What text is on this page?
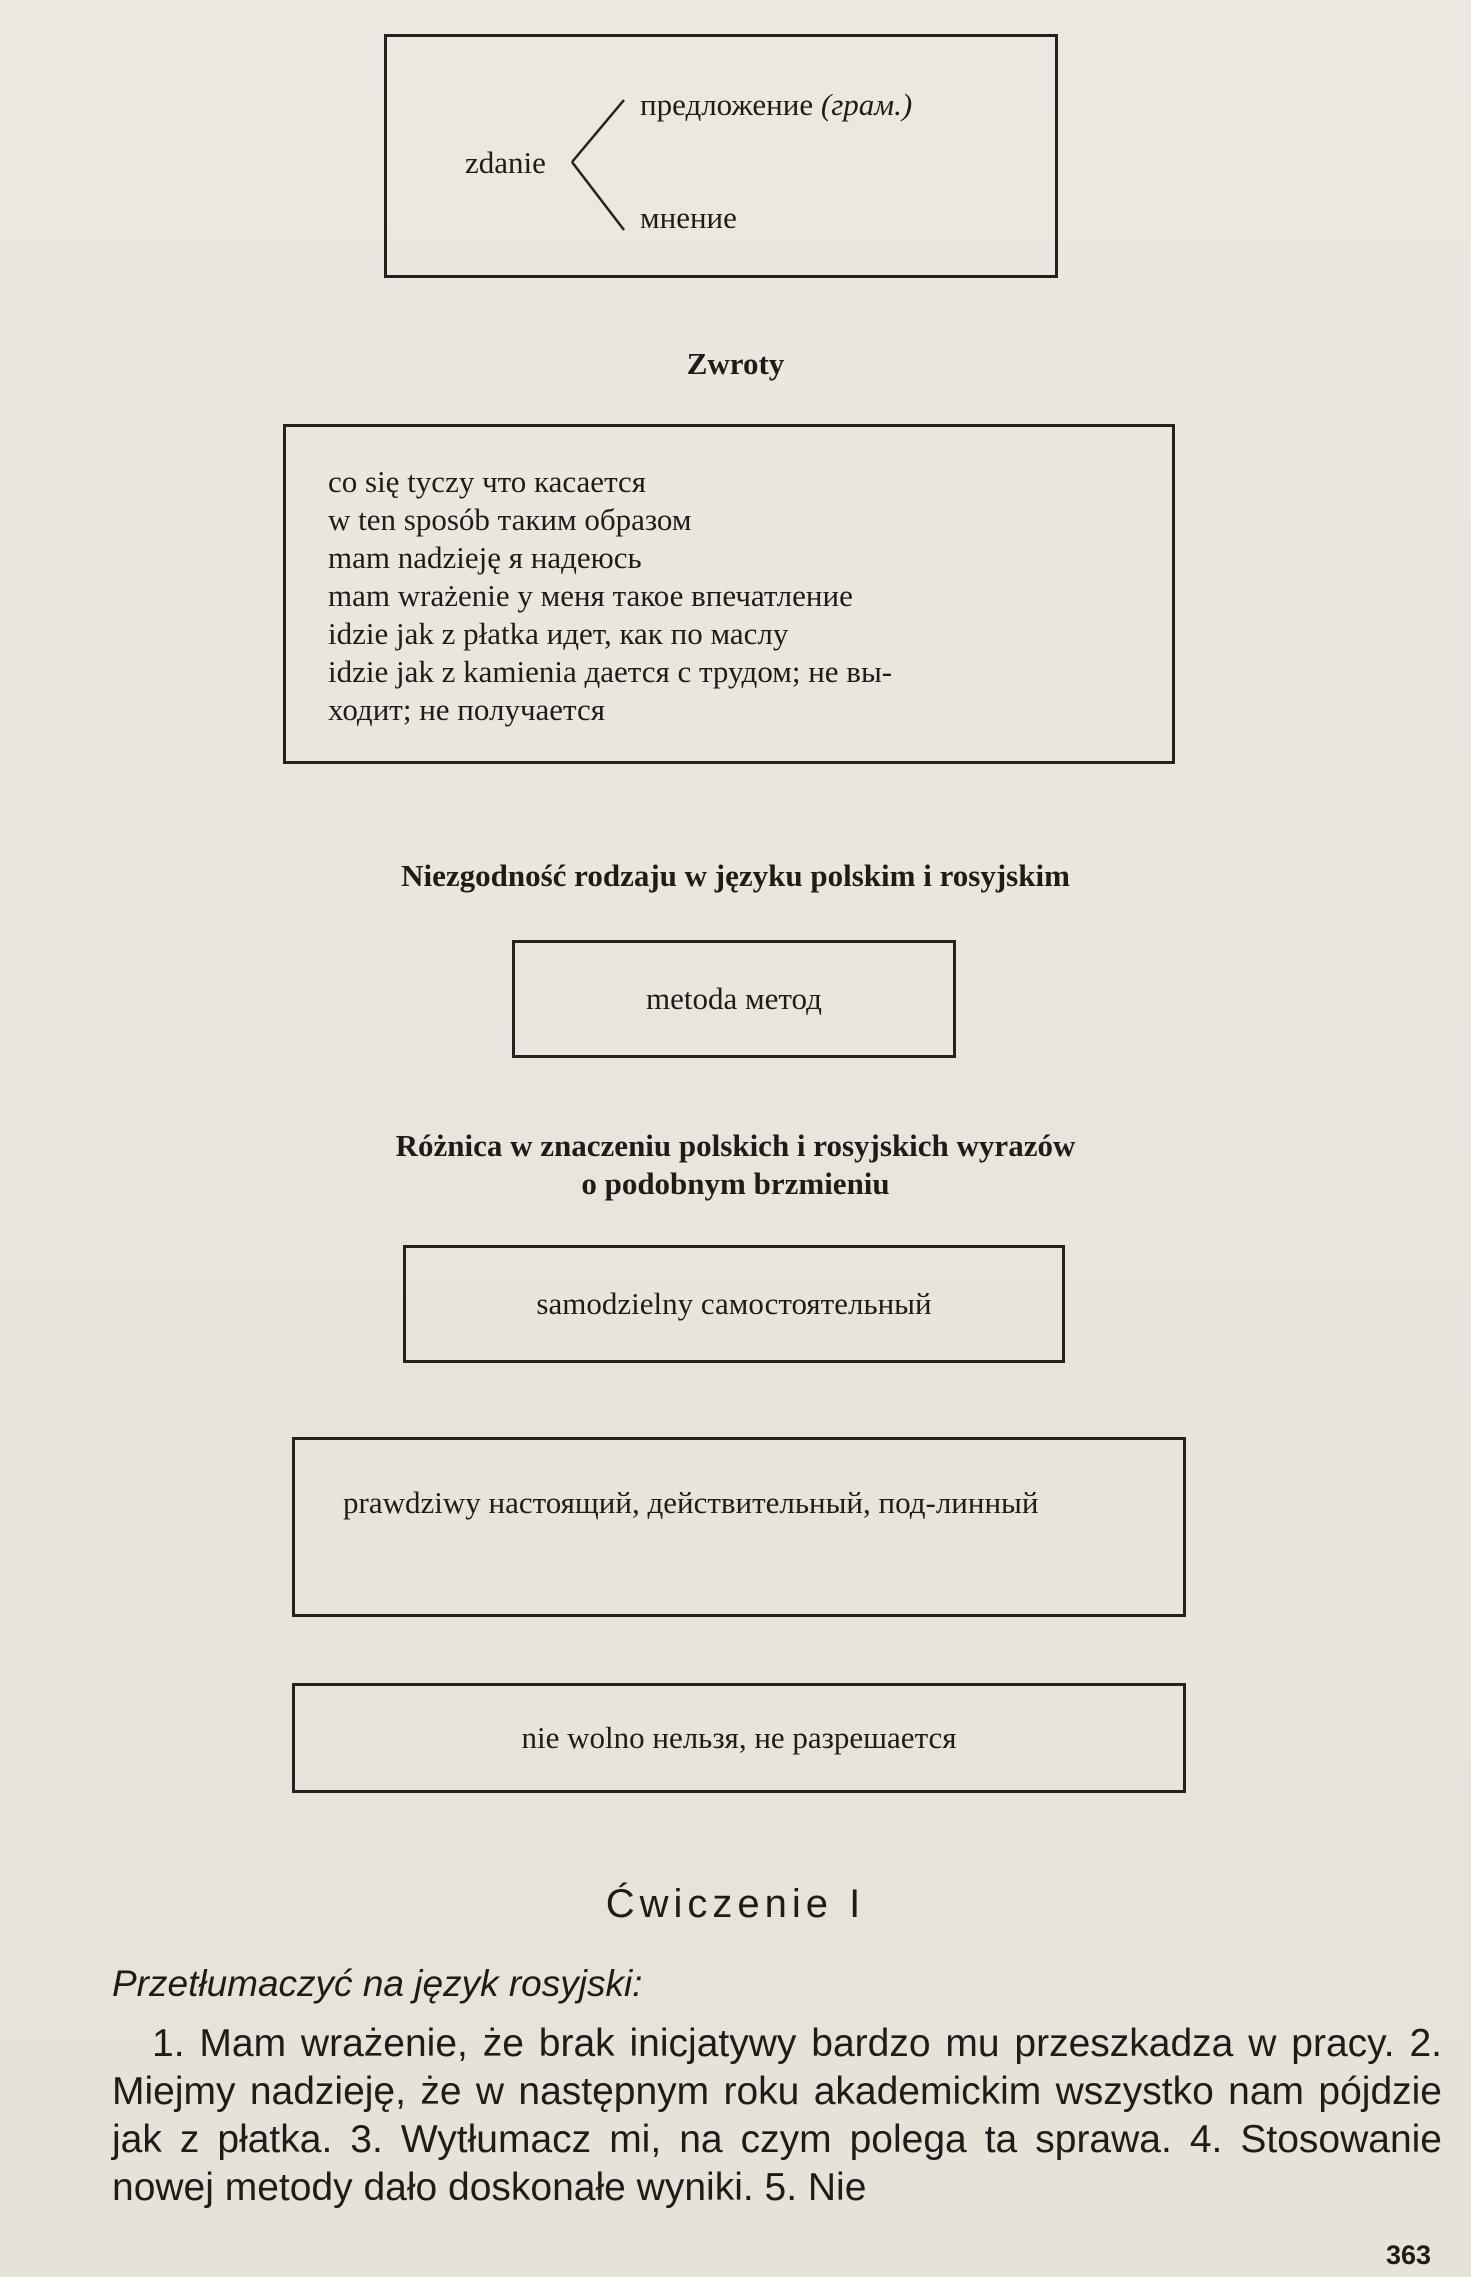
zdanie
предложение (грам.)
мнение
Zwroty
co się tyczy что касается
w ten sposób таким образом
mam nadzieję я надеюсь
mam wrażenie у меня такое впечатление
idzie jak z płatka идет, как по маслу
idzie jak z kamienia дается с трудом; не вы-
ходит; не получается
Niezgodność rodzaju w języku polskim i rosyjskim
metoda метод
Różnica w znaczeniu polskich i rosyjskich wyrazów
o podobnym brzmieniu
samodzielny самостоятельный
prawdziwy настоящий, действительный, под-линный
nie wolno нельзя, не разрешается
Ćwiczenie I
Przetłumaczyć na język rosyjski:
1. Mam wrażenie, że brak inicjatywy bardzo mu przeszkadza w pracy. 2. Miejmy nadzieję, że w następnym roku akademickim wszystko nam pójdzie jak z płatka. 3. Wytłumacz mi, na czym polega ta sprawa. 4. Stosowanie nowej metody dało doskonałe wyniki. 5. Nie
363
